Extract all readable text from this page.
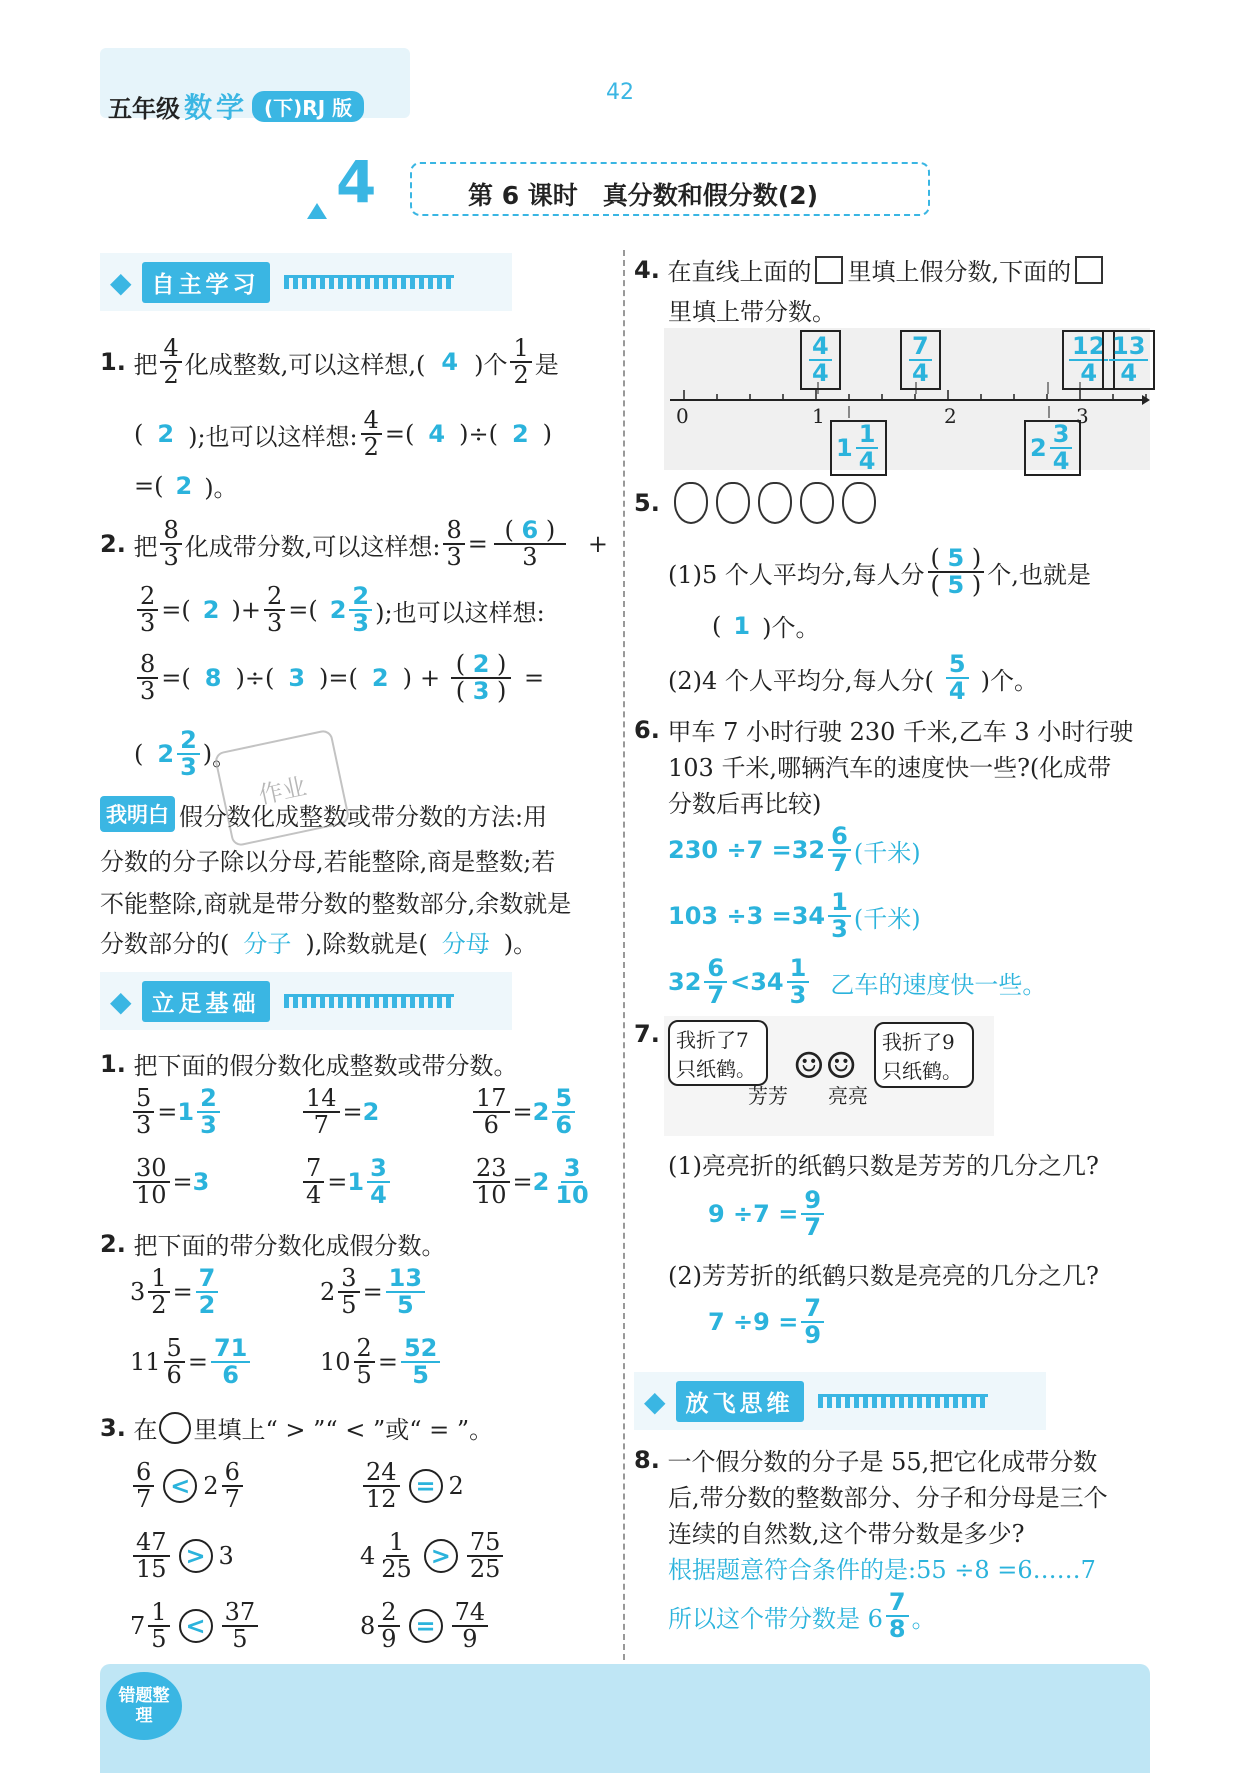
五年级 数学 (下)RJ 版
42
4	第 6 课时　真分数和假分数(2)
◆ 自主学习
1.
把 $\frac{4}{2}$ 化成整数,可以这样想,( 4 )个 $\frac{1}{2}$ 是
( 2 );也可以这样想: $\frac{4}{2}$ =( 4 )÷( 2 )
=( 2 )。
2.
把 $\frac{8}{3}$ 化成带分数,可以这样想: $\frac{8}{3} = \frac{( 6 )}{3}$ +
$\frac{2}{3}$ =( 2 )+ $\frac{2}{3}$ =( $2 \frac{2}{3}$ );也可以这样想:
$\frac{8}{3}$ = ( 8 )÷( 3 )=( 2 ) + $\frac{( 2 )}{( 3 )}$ =
( $2 \frac{2}{3}$ ) 。
作业
我明白 假分数化成整数或带分数的方法:用
分数的分子除以分母,若能整除,商是整数;若
不能整除,商就是带分数的整数部分,余数就是
分数部分的( 分子 ),除数就是( 分母 )。
◆ 立足基础
1.
把下面的假分数化成整数或带分数。
$\frac{5}{3} = 1 \frac{2}{3}$	$\frac{14}{7} = 2$	$\frac{17}{6} = 2 \frac{5}{6}$
$\frac{30}{10} = 3$	$\frac{7}{4} = 1 \frac{3}{4}$	$\frac{23}{10} = 2 \frac{3}{10}$
2.
把下面的带分数化成假分数。
$3 \frac{1}{2} = \frac{7}{2}$	$2 \frac{3}{5} = \frac{13}{5}$
$11 \frac{5}{6} = \frac{71}{6}$	$10 \frac{2}{5} = \frac{52}{5}$
3.
在 里填上“ > ”“ < ”或“ = ”。
$\frac{6}{7} < 2 \frac{6}{7}$	$\frac{24}{12} = 2$
$\frac{47}{15} > 3$	$4 \frac{1}{25} > \frac{75}{25}$
$7 \frac{1}{5} < \frac{37}{5}$	$8 \frac{2}{9} = \frac{74}{9}$
4.
在直线上面的 里填上假分数,下面的
里填上带分数。
0	1	2	3
$\frac{4}{4}$	$\frac{7}{4}$	$\frac{12}{4} \frac{13}{4}$
$1 \frac{1}{4}$	$2 \frac{3}{4}$
5.
(1)5 个人平均分,每人分 $\frac{( 5 )}{( 5 )}$ 个,也就是
( 1 )个。
(2)4 个人平均分,每人分( $\frac{5}{4}$ )个。
6.
甲车 7 小时行驶 230 千米,乙车 3 小时行驶
103 千米,哪辆汽车的速度快一些?(化成带
分数后再比较)
$230 \div 7 =32 \frac{6}{7}$ (千米)
$103 \div 3 =34 \frac{1}{3}$ (千米)
$32 \frac{6}{7} <34 \frac{1}{3}$ 乙车的速度快一些。
7. 我折了7
只纸鹤。
我折了9
只纸鹤。
☺☺
芳芳　　亮亮
(1)亮亮折的纸鹤只数是芳芳的几分之几?
$9 \div 7 = \frac{9}{7}$
(2)芳芳折的纸鹤只数是亮亮的几分之几?
$7 \div 9 = \frac{7}{9}$
◆ 放飞思维
8.
一个假分数的分子是 55,把它化成带分数
后,带分数的整数部分、分子和分母是三个
连续的自然数,这个带分数是多少?
根据题意符合条件的是:55 ÷8 =6……7
所以这个带分数是 $6 \frac{7}{8}$ 。
错题整理
